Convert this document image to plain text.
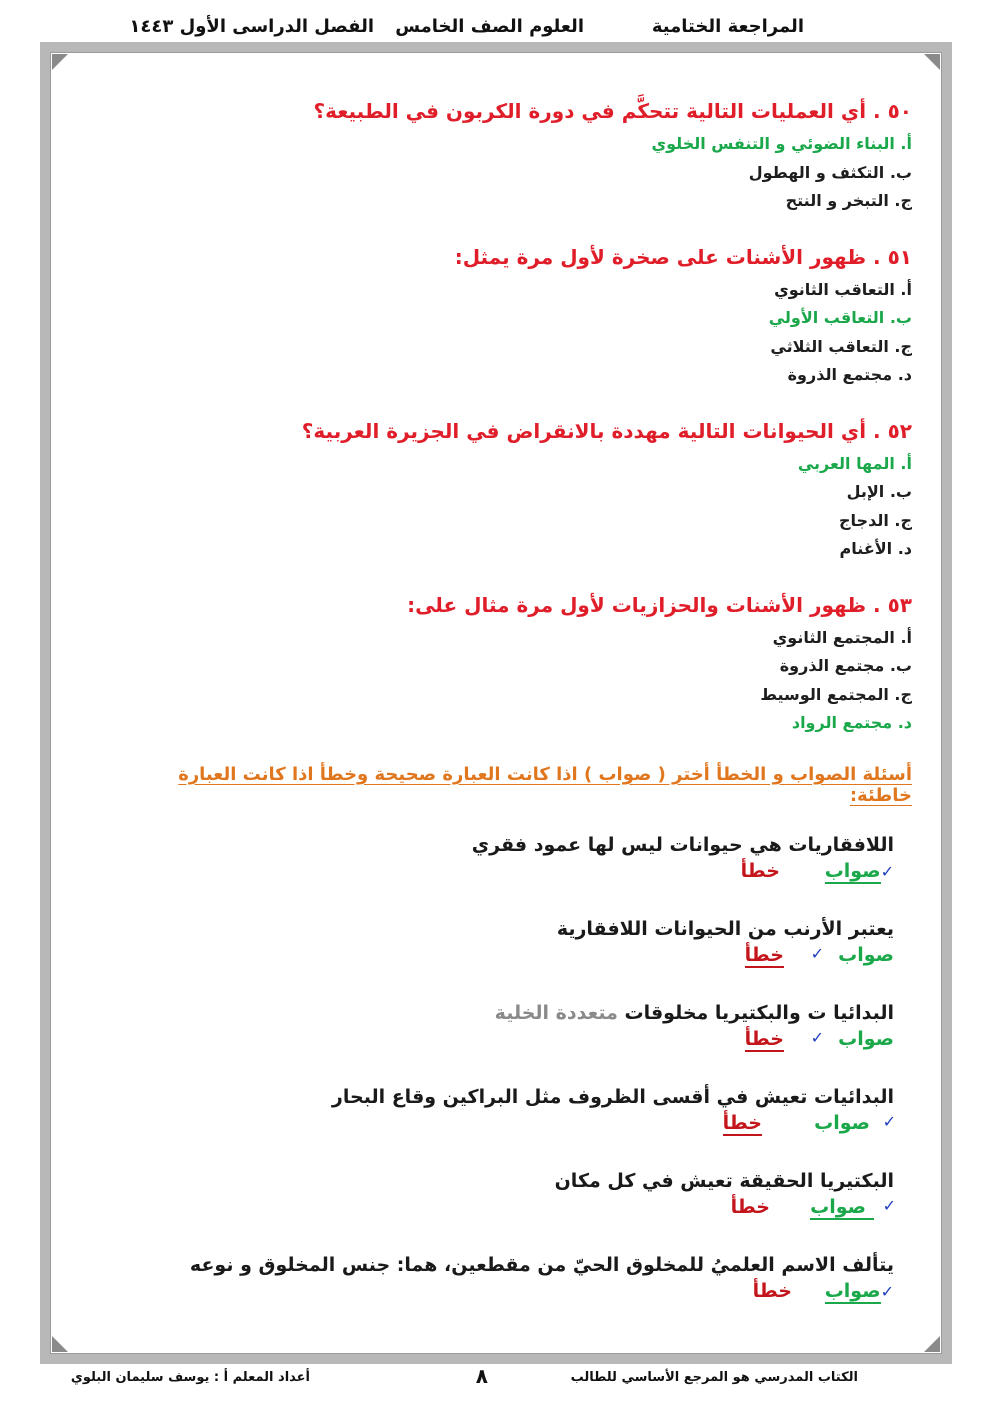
المراجعة الختامية
العلوم الصف الخامس
الفصل الدراسى الأول ١٤٤٣
٥٠ . أي العمليات التالية تتحكَّم في دورة الكربون في الطبيعة؟
أ. البناء الضوئي و التنفس الخلوي
ب. التكثف و الهطول
ج. التبخر و النتح
٥١ . ظهور الأشنات على صخرة لأول مرة يمثل:
أ. التعاقب الثانوي
ب. التعاقب الأولي
ج. التعاقب الثلاثي
د. مجتمع الذروة
٥٢ . أي الحيوانات التالية مهددة بالانقراض في الجزيرة العربية؟
أ. المها العربي
ب. الإبل
ج. الدجاج
د. الأغنام
٥٣ . ظهور الأشنات والحزازيات لأول مرة مثال على:
أ. المجتمع الثانوي
ب. مجتمع الذروة
ج. المجتمع الوسيط
د. مجتمع الرواد
أسئلة الصواب و الخطأ أختر ( صواب ) اذا كانت العبارة صحيحة وخطأ اذا كانت العبارة خاطئة:
اللافقاريات هي حيوانات ليس لها عمود فقري
✓صواب
خطأ
يعتبر الأرنب من الحيوانات اللافقارية
صواب
✓
خطأ
البدائيا ت والبكتيريا مخلوقات متعددة الخلية
صواب
✓
خطأ
البدائيات تعيش في أقسى الظروف مثل البراكين وقاع البحار
✓
صواب
خطأ
البكتيريا الحقيقة تعيش في كل مكان
✓
صواب
خطأ
يتألف الاسم العلميُ للمخلوق الحيّ من مقطعين، هما: جنس المخلوق و نوعه
✓صواب
خطأ
الكتاب المدرسي هو المرجع الأساسي للطالب
٨
أعداد المعلم أ : يوسف سليمان البلوي
